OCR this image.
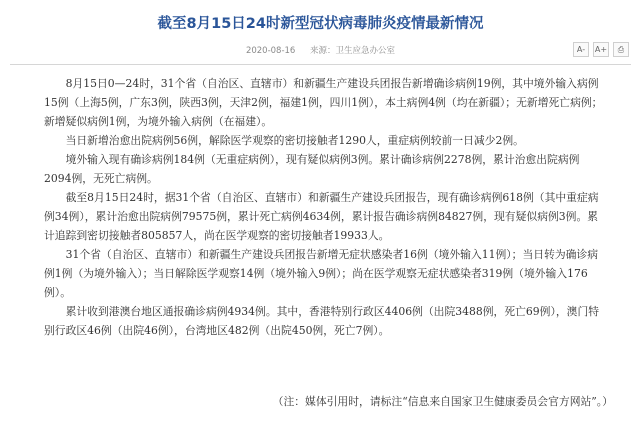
截至8月15日24时新型冠状病毒肺炎疫情最新情况
2020-08-16 来源：卫生应急办公室	A-	A+	⎙

8月15日0—24时，31个省（自治区、直辖市）和新疆生产建设兵团报告新增确诊病例19例，其中境外输入病例15例（上海5例，广东3例，陕西3例，天津2例，福建1例，四川1例），本土病例4例（均在新疆）；无新增死亡病例；新增疑似病例1例，为境外输入病例（在福建）。

当日新增治愈出院病例56例，解除医学观察的密切接触者1290人，重症病例较前一日减少2例。

境外输入现有确诊病例184例（无重症病例），现有疑似病例3例。累计确诊病例2278例，累计治愈出院病例2094例，无死亡病例。

截至8月15日24时，据31个省（自治区、直辖市）和新疆生产建设兵团报告，现有确诊病例618例（其中重症病例34例），累计治愈出院病例79575例，累计死亡病例4634例，累计报告确诊病例84827例，现有疑似病例3例。累计追踪到密切接触者805857人，尚在医学观察的密切接触者19933人。

31个省（自治区、直辖市）和新疆生产建设兵团报告新增无症状感染者16例（境外输入11例）；当日转为确诊病例1例（为境外输入）；当日解除医学观察14例（境外输入9例）；尚在医学观察无症状感染者319例（境外输入176例）。

累计收到港澳台地区通报确诊病例4934例。其中，香港特别行政区4406例（出院3488例，死亡69例），澳门特别行政区46例（出院46例），台湾地区482例（出院450例，死亡7例）。

（注：媒体引用时，请标注“信息来自国家卫生健康委员会官方网站”。）
